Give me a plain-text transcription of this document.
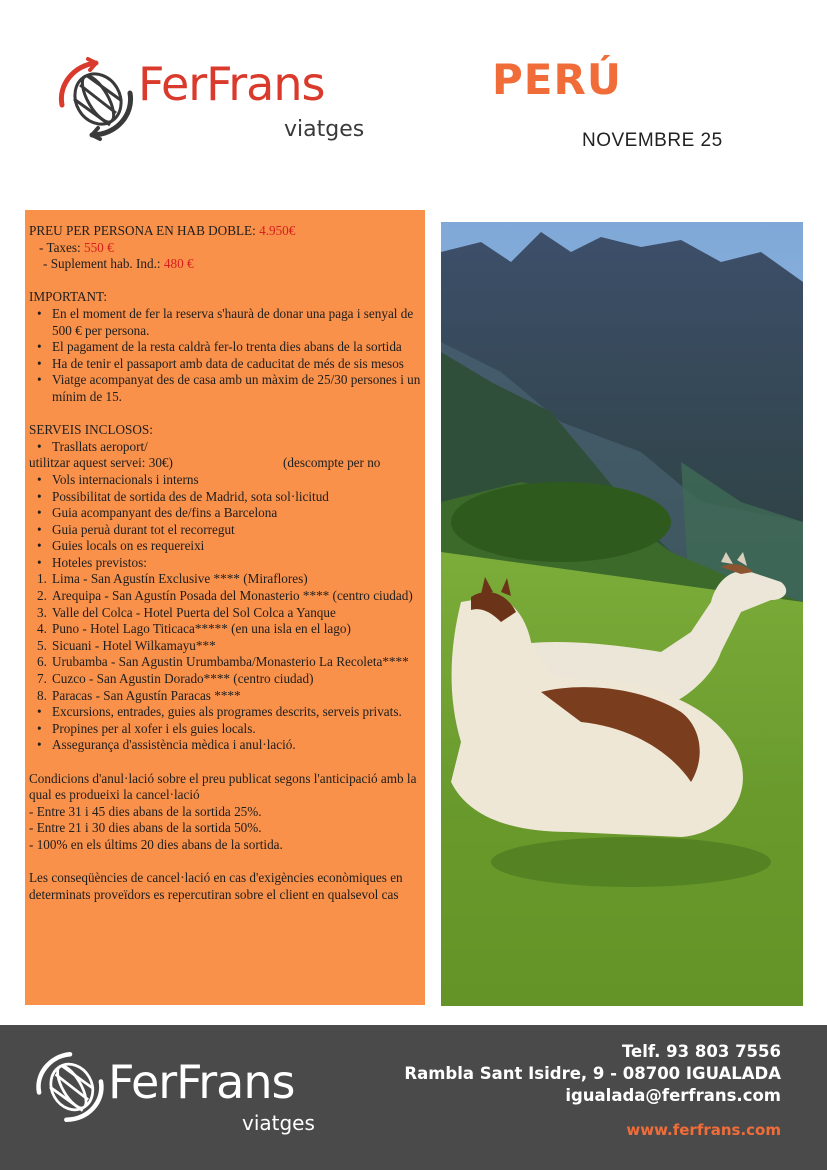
FerFrans
viatges
PERÚ
NOVEMBRE 25
PREU PER PERSONA EN HAB DOBLE: 4.950€
- Taxes: 550 €
- Suplement hab. Ind.: 480 €
IMPORTANT:
• En el moment de fer la reserva s'haurà de donar una paga i senyal de 500 € per persona.
• El pagament de la resta caldrà fer-lo trenta dies abans de la sortida
• Ha de tenir el passaport amb data de caducitat de més de sis mesos
• Viatge acompanyat des de casa amb un màxim de 25/30 persones i un mínim de 15.
SERVEIS INCLOSOS:
• Trasllats aeroport/
utilitzar aquest servei: 30€)	(descompte per no
• Vols internacionals i interns
• Possibilitat de sortida des de Madrid, sota sol·licitud
• Guia acompanyant des de/fins a Barcelona
• Guia peruà durant tot el recorregut
• Guies locals on es requereixi
• Hoteles previstos:
1. Lima - San Agustín Exclusive **** (Miraflores)
2. Arequipa - San Agustín Posada del Monasterio **** (centro ciudad)
3. Valle del Colca - Hotel Puerta del Sol Colca a Yanque
4. Puno - Hotel Lago Titicaca***** (en una isla en el lago)
5. Sicuani - Hotel Wilkamayu***
6. Urubamba - San Agustin Urumbamba/Monasterio La Recoleta****
7. Cuzco - San Agustin Dorado**** (centro ciudad)
8. Paracas - San Agustín Paracas ****
• Excursions, entrades, guies als programes descrits, serveis privats.
• Propines per al xofer i els guies locals.
• Assegurança d'assistència mèdica i anul·lació.
Condicions d'anul·lació sobre el preu publicat segons l'anticipació amb la qual es produeixi la cancel·lació
- Entre 31 i 45 dies abans de la sortida 25%.
- Entre 21 i 30 dies abans de la sortida 50%.
- 100% en els últims 20 dies abans de la sortida.
Les conseqüències de cancel·lació en cas d'exigències econòmiques en determinats proveïdors es repercutiran sobre el client en qualsevol cas
FerFrans
viatges
Telf. 93 803 7556
Rambla Sant Isidre, 9 - 08700 IGUALADA
igualada@ferfrans.com
www.ferfrans.com
